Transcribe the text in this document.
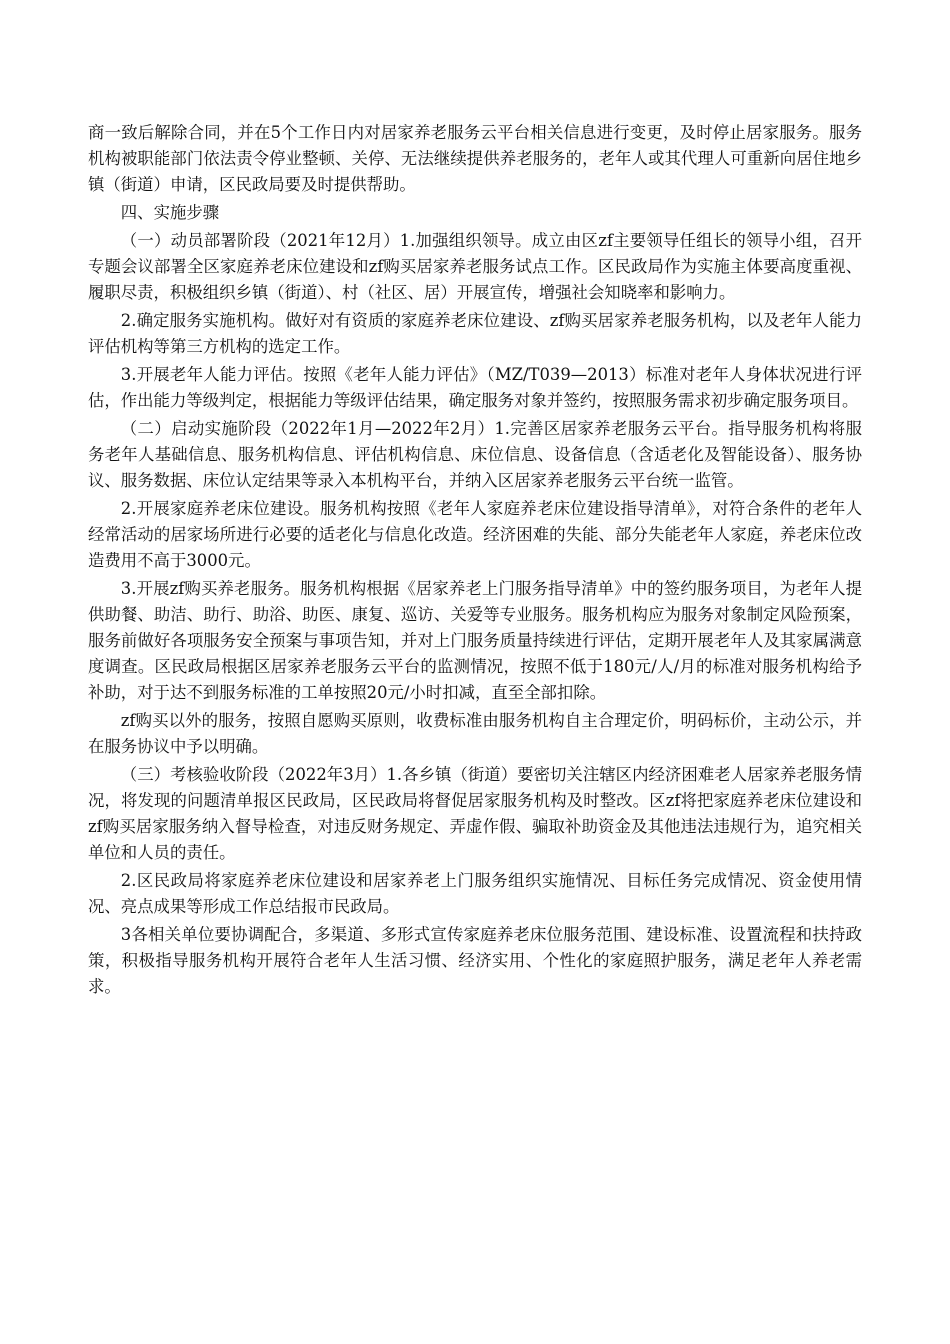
商一致后解除合同，并在5个工作日内对居家养老服务云平台相关信息进行变更，及时停止居家服务。服务机构被职能部门依法责令停业整顿、关停、无法继续提供养老服务的，老年人或其代理人可重新向居住地乡镇（街道）申请，区民政局要及时提供帮助。

四、实施步骤

（一）动员部署阶段（2021年12月）1.加强组织领导。成立由区zf主要领导任组长的领导小组，召开专题会议部署全区家庭养老床位建设和zf购买居家养老服务试点工作。区民政局作为实施主体要高度重视、履职尽责，积极组织乡镇（街道）、村（社区、居）开展宣传，增强社会知晓率和影响力。

2.确定服务实施机构。做好对有资质的家庭养老床位建设、zf购买居家养老服务机构，以及老年人能力评估机构等第三方机构的选定工作。

3.开展老年人能力评估。按照《老年人能力评估》（MZ/T039—2013）标准对老年人身体状况进行评估，作出能力等级判定，根据能力等级评估结果，确定服务对象并签约，按照服务需求初步确定服务项目。

（二）启动实施阶段（2022年1月—2022年2月）1.完善区居家养老服务云平台。指导服务机构将服务老年人基础信息、服务机构信息、评估机构信息、床位信息、设备信息（含适老化及智能设备）、服务协议、服务数据、床位认定结果等录入本机构平台，并纳入区居家养老服务云平台统一监管。

2.开展家庭养老床位建设。服务机构按照《老年人家庭养老床位建设指导清单》，对符合条件的老年人经常活动的居家场所进行必要的适老化与信息化改造。经济困难的失能、部分失能老年人家庭，养老床位改造费用不高于3000元。

3.开展zf购买养老服务。服务机构根据《居家养老上门服务指导清单》中的签约服务项目，为老年人提供助餐、助洁、助行、助浴、助医、康复、巡访、关爱等专业服务。服务机构应为服务对象制定风险预案，服务前做好各项服务安全预案与事项告知，并对上门服务质量持续进行评估，定期开展老年人及其家属满意度调查。区民政局根据区居家养老服务云平台的监测情况，按照不低于180元/人/月的标准对服务机构给予补助，对于达不到服务标准的工单按照20元/小时扣减，直至全部扣除。

zf购买以外的服务，按照自愿购买原则，收费标准由服务机构自主合理定价，明码标价，主动公示，并在服务协议中予以明确。

（三）考核验收阶段（2022年3月）1.各乡镇（街道）要密切关注辖区内经济困难老人居家养老服务情况，将发现的问题清单报区民政局，区民政局将督促居家服务机构及时整改。区zf将把家庭养老床位建设和zf购买居家服务纳入督导检查，对违反财务规定、弄虚作假、骗取补助资金及其他违法违规行为，追究相关单位和人员的责任。

2.区民政局将家庭养老床位建设和居家养老上门服务组织实施情况、目标任务完成情况、资金使用情况、亮点成果等形成工作总结报市民政局。

3各相关单位要协调配合，多渠道、多形式宣传家庭养老床位服务范围、建设标准、设置流程和扶持政策，积极指导服务机构开展符合老年人生活习惯、经济实用、个性化的家庭照护服务，满足老年人养老需求。
